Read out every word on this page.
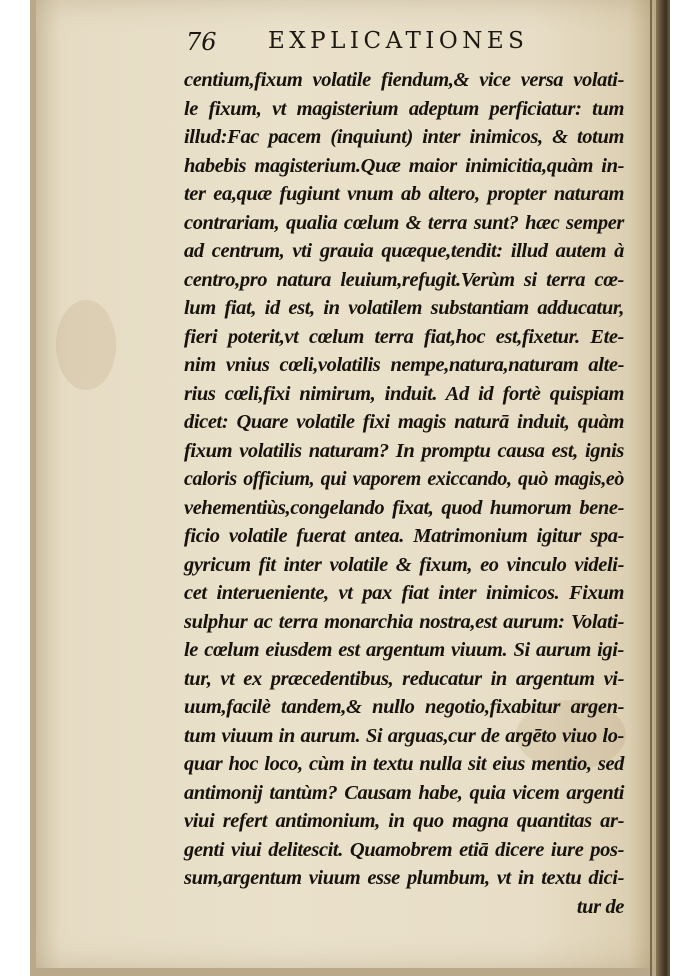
76 EXPLICATIONES
centium,fixum volatile fiendum,& vice versa volati-
le fixum, vt magisterium adeptum perficiatur: tum
illud:Fac pacem (inquiunt) inter inimicos, & totum
habebis magisterium.Quæ maior inimicitia,quàm in-
ter ea,quæ fugiunt vnum ab altero, propter naturam
contrariam, qualia cœlum & terra sunt? hæc semper
ad centrum, vti grauia quæque,tendit: illud autem à
centro,pro natura leuium,refugit.Verùm si terra cœ-
lum fiat, id est, in volatilem substantiam adducatur,
fieri poterit,vt cœlum terra fiat,hoc est,fixetur. Ete-
nim vnius cœli,volatilis nempe,natura,naturam alte-
rius cœli,fixi nimirum, induit. Ad id fortè quispiam
dicet: Quare volatile fixi magis naturā induit, quàm
fixum volatilis naturam? In promptu causa est, ignis
caloris officium, qui vaporem exiccando, quò magis,eò
vehementiùs,congelando fixat, quod humorum bene-
ficio volatile fuerat antea. Matrimonium igitur spa-
gyricum fit inter volatile & fixum, eo vinculo videli-
cet interueniente, vt pax fiat inter inimicos. Fixum
sulphur ac terra monarchia nostra,est aurum: Volati-
le cœlum eiusdem est argentum viuum. Si aurum igi-
tur, vt ex præcedentibus, reducatur in argentum vi-
uum,facilè tandem,& nullo negotio,fixabitur argen-
tum viuum in aurum. Si arguas,cur de argēto viuo lo-
quar hoc loco, cùm in textu nulla sit eius mentio, sed
antimonij tantùm? Causam habe, quia vicem argenti
viui refert antimonium, in quo magna quantitas ar-
genti viui delitescit. Quamobrem etiā dicere iure pos-
sum,argentum viuum esse plumbum, vt in textu dici-
tur de
